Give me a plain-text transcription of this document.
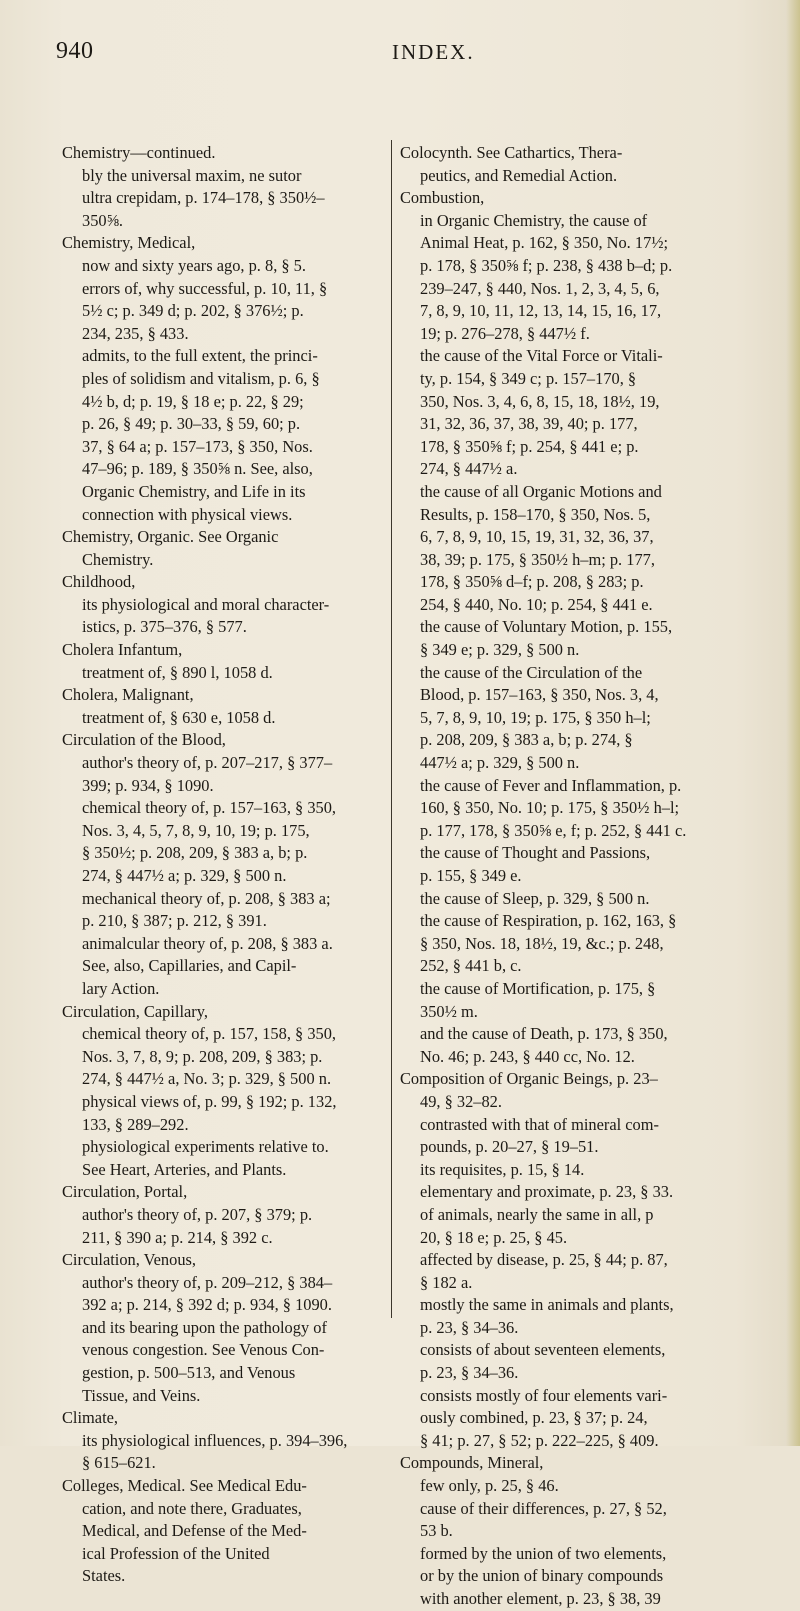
940	INDEX.
Chemistry—continued.
bly the universal maxim, ne sutor
ultra crepidam, p. 174–178, § 350½–
350⅝.
Chemistry, Medical,
now and sixty years ago, p. 8, § 5.
errors of, why successful, p. 10, 11, §
5½ c; p. 349 d; p. 202, § 376½; p.
234, 235, § 433.
admits, to the full extent, the princi-
ples of solidism and vitalism, p. 6, §
4½ b, d; p. 19, § 18 e; p. 22, § 29;
p. 26, § 49; p. 30–33, § 59, 60; p.
37, § 64 a; p. 157–173, § 350, Nos.
47–96; p. 189, § 350⅝ n. See, also,
Organic Chemistry, and Life in its
connection with physical views.
Chemistry, Organic. See Organic
Chemistry.
Childhood,
its physiological and moral character-
istics, p. 375–376, § 577.
Cholera Infantum,
treatment of, § 890 l, 1058 d.
Cholera, Malignant,
treatment of, § 630 e, 1058 d.
Circulation of the Blood,
author's theory of, p. 207–217, § 377–
399; p. 934, § 1090.
chemical theory of, p. 157–163, § 350,
Nos. 3, 4, 5, 7, 8, 9, 10, 19; p. 175,
§ 350½; p. 208, 209, § 383 a, b; p.
274, § 447½ a; p. 329, § 500 n.
mechanical theory of, p. 208, § 383 a;
p. 210, § 387; p. 212, § 391.
animalcular theory of, p. 208, § 383 a.
See, also, Capillaries, and Capil-
lary Action.
Circulation, Capillary,
chemical theory of, p. 157, 158, § 350,
Nos. 3, 7, 8, 9; p. 208, 209, § 383; p.
274, § 447½ a, No. 3; p. 329, § 500 n.
physical views of, p. 99, § 192; p. 132,
133, § 289–292.
physiological experiments relative to.
See Heart, Arteries, and Plants.
Circulation, Portal,
author's theory of, p. 207, § 379; p.
211, § 390 a; p. 214, § 392 c.
Circulation, Venous,
author's theory of, p. 209–212, § 384–
392 a; p. 214, § 392 d; p. 934, § 1090.
and its bearing upon the pathology of
venous congestion. See Venous Con-
gestion, p. 500–513, and Venous
Tissue, and Veins.
Climate,
its physiological influences, p. 394–396,
§ 615–621.
Colleges, Medical. See Medical Edu-
cation, and note there, Graduates,
Medical, and Defense of the Med-
ical Profession of the United
States.
Colocynth. See Cathartics, Thera-
peutics, and Remedial Action.
Combustion,
in Organic Chemistry, the cause of
Animal Heat, p. 162, § 350, No. 17½;
p. 178, § 350⅝ f; p. 238, § 438 b–d; p.
239–247, § 440, Nos. 1, 2, 3, 4, 5, 6,
7, 8, 9, 10, 11, 12, 13, 14, 15, 16, 17,
19; p. 276–278, § 447½ f.
the cause of the Vital Force or Vitali-
ty, p. 154, § 349 c; p. 157–170, §
350, Nos. 3, 4, 6, 8, 15, 18, 18½, 19,
31, 32, 36, 37, 38, 39, 40; p. 177,
178, § 350⅝ f; p. 254, § 441 e; p.
274, § 447½ a.
the cause of all Organic Motions and
Results, p. 158–170, § 350, Nos. 5,
6, 7, 8, 9, 10, 15, 19, 31, 32, 36, 37,
38, 39; p. 175, § 350½ h–m; p. 177,
178, § 350⅝ d–f; p. 208, § 283; p.
254, § 440, No. 10; p. 254, § 441 e.
the cause of Voluntary Motion, p. 155,
§ 349 e; p. 329, § 500 n.
the cause of the Circulation of the
Blood, p. 157–163, § 350, Nos. 3, 4,
5, 7, 8, 9, 10, 19; p. 175, § 350 h–l;
p. 208, 209, § 383 a, b; p. 274, §
447½ a; p. 329, § 500 n.
the cause of Fever and Inflammation, p.
160, § 350, No. 10; p. 175, § 350½ h–l;
p. 177, 178, § 350⅝ e, f; p. 252, § 441 c.
the cause of Thought and Passions,
p. 155, § 349 e.
the cause of Sleep, p. 329, § 500 n.
the cause of Respiration, p. 162, 163, §
§ 350, Nos. 18, 18½, 19, &c.; p. 248,
252, § 441 b, c.
the cause of Mortification, p. 175, §
350½ m.
and the cause of Death, p. 173, § 350,
No. 46; p. 243, § 440 cc, No. 12.
Composition of Organic Beings, p. 23–
49, § 32–82.
contrasted with that of mineral com-
pounds, p. 20–27, § 19–51.
its requisites, p. 15, § 14.
elementary and proximate, p. 23, § 33.
of animals, nearly the same in all, p
20, § 18 e; p. 25, § 45.
affected by disease, p. 25, § 44; p. 87,
§ 182 a.
mostly the same in animals and plants,
p. 23, § 34–36.
consists of about seventeen elements,
p. 23, § 34–36.
consists mostly of four elements vari-
ously combined, p. 23, § 37; p. 24,
§ 41; p. 27, § 52; p. 222–225, § 409.
Compounds, Mineral,
few only, p. 25, § 46.
cause of their differences, p. 27, § 52,
53 b.
formed by the union of two elements,
or by the union of binary compounds
with another element, p. 23, § 38, 39
